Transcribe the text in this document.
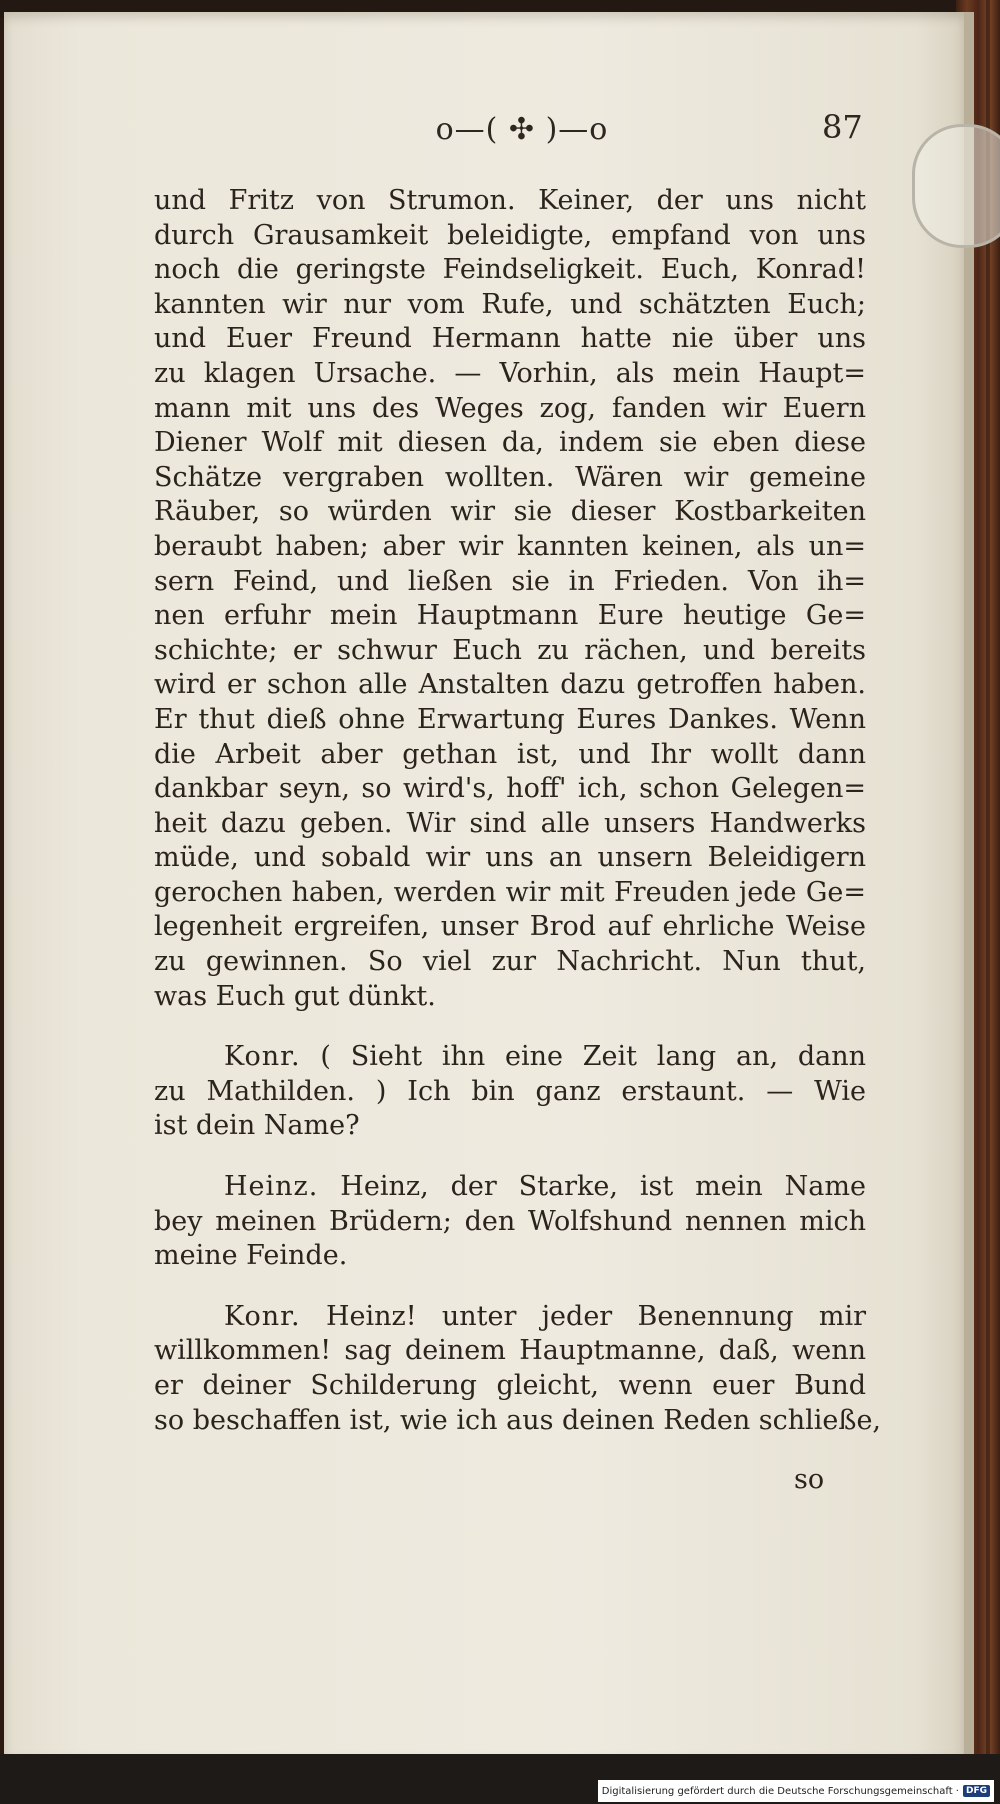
o—( ✣ )—o	87
und Fritz von Strumon. Keiner, der uns nicht
durch Grausamkeit beleidigte, empfand von uns
noch die geringste Feindseligkeit. Euch, Konrad!
kannten wir nur vom Rufe, und schätzten Euch;
und Euer Freund Hermann hatte nie über uns
zu klagen Ursache. — Vorhin, als mein Haupt=
mann mit uns des Weges zog, fanden wir Euern
Diener Wolf mit diesen da, indem sie eben diese
Schätze vergraben wollten. Wären wir gemeine
Räuber, so würden wir sie dieser Kostbarkeiten
beraubt haben; aber wir kannten keinen, als un=
sern Feind, und ließen sie in Frieden. Von ih=
nen erfuhr mein Hauptmann Eure heutige Ge=
schichte; er schwur Euch zu rächen, und bereits
wird er schon alle Anstalten dazu getroffen haben.
Er thut dieß ohne Erwartung Eures Dankes. Wenn
die Arbeit aber gethan ist, und Ihr wollt dann
dankbar seyn, so wird's, hoff' ich, schon Gelegen=
heit dazu geben. Wir sind alle unsers Handwerks
müde, und sobald wir uns an unsern Beleidigern
gerochen haben, werden wir mit Freuden jede Ge=
legenheit ergreifen, unser Brod auf ehrliche Weise
zu gewinnen. So viel zur Nachricht. Nun thut,
was Euch gut dünkt.
Konr. ( Sieht ihn eine Zeit lang an, dann
zu Mathilden. ) Ich bin ganz erstaunt. — Wie
ist dein Name?
Heinz. Heinz, der Starke, ist mein Name
bey meinen Brüdern; den Wolfshund nennen mich
meine Feinde.
Konr. Heinz! unter jeder Benennung mir
willkommen! sag deinem Hauptmanne, daß, wenn
er deiner Schilderung gleicht, wenn euer Bund
so beschaffen ist, wie ich aus deinen Reden schließe,
so
Digitalisierung gefördert durch die Deutsche Forschungsgemeinschaft · DFG
